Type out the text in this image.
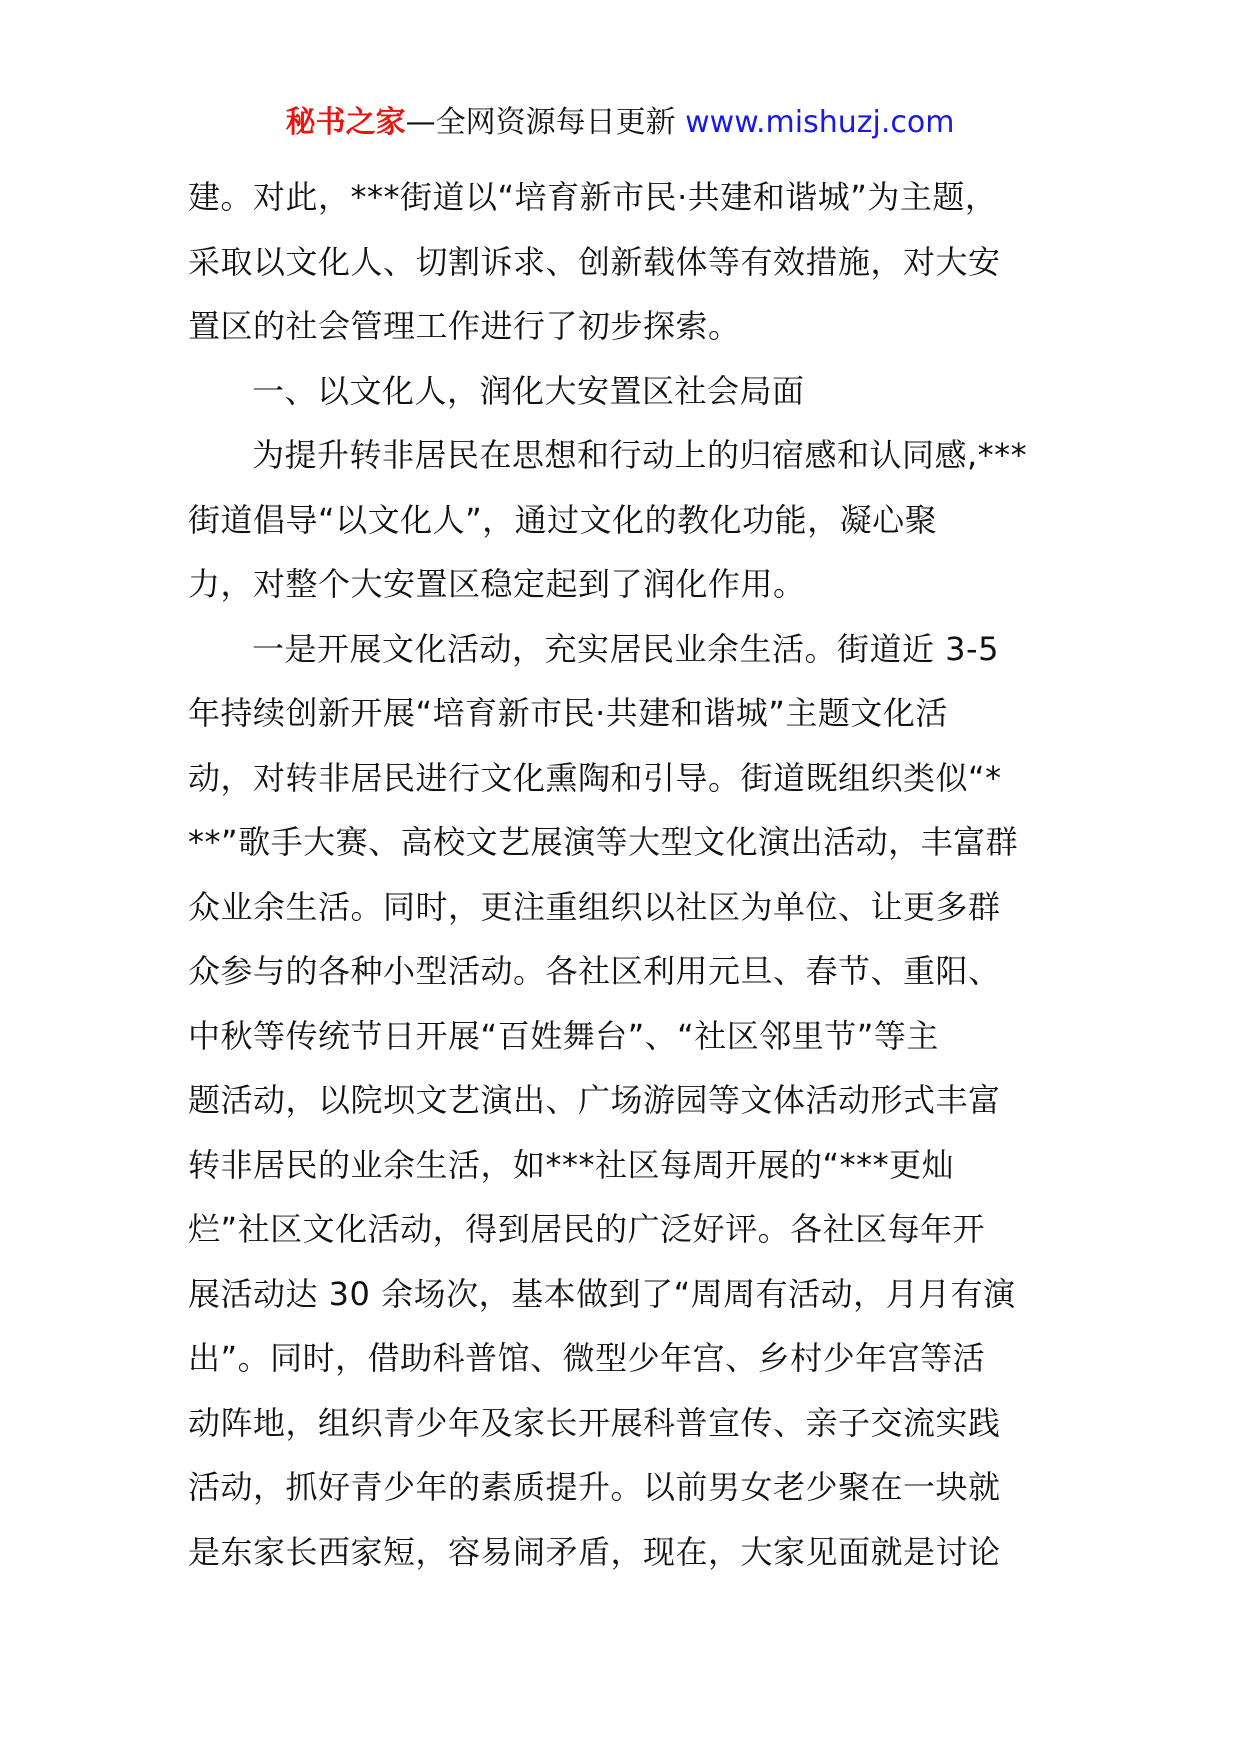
秘书之家—全网资源每日更新 www.mishuzj.com
建。对此，***街道以“培育新市民·共建和谐城”为主题，
采取以文化人、切割诉求、创新载体等有效措施，对大安
置区的社会管理工作进行了初步探索。
一、以文化人，润化大安置区社会局面
为提升转非居民在思想和行动上的归宿感和认同感,***
街道倡导“以文化人”，通过文化的教化功能，凝心聚
力，对整个大安置区稳定起到了润化作用。
一是开展文化活动，充实居民业余生活。街道近 3-5
年持续创新开展“培育新市民·共建和谐城”主题文化活
动，对转非居民进行文化熏陶和引导。街道既组织类似“*
**”歌手大赛、高校文艺展演等大型文化演出活动，丰富群
众业余生活。同时，更注重组织以社区为单位、让更多群
众参与的各种小型活动。各社区利用元旦、春节、重阳、
中秋等传统节日开展“百姓舞台”、“社区邻里节”等主
题活动，以院坝文艺演出、广场游园等文体活动形式丰富
转非居民的业余生活，如***社区每周开展的“***更灿
烂”社区文化活动，得到居民的广泛好评。各社区每年开
展活动达 30 余场次，基本做到了“周周有活动，月月有演
出”。同时，借助科普馆、微型少年宫、乡村少年宫等活
动阵地，组织青少年及家长开展科普宣传、亲子交流实践
活动，抓好青少年的素质提升。以前男女老少聚在一块就
是东家长西家短，容易闹矛盾，现在，大家见面就是讨论
